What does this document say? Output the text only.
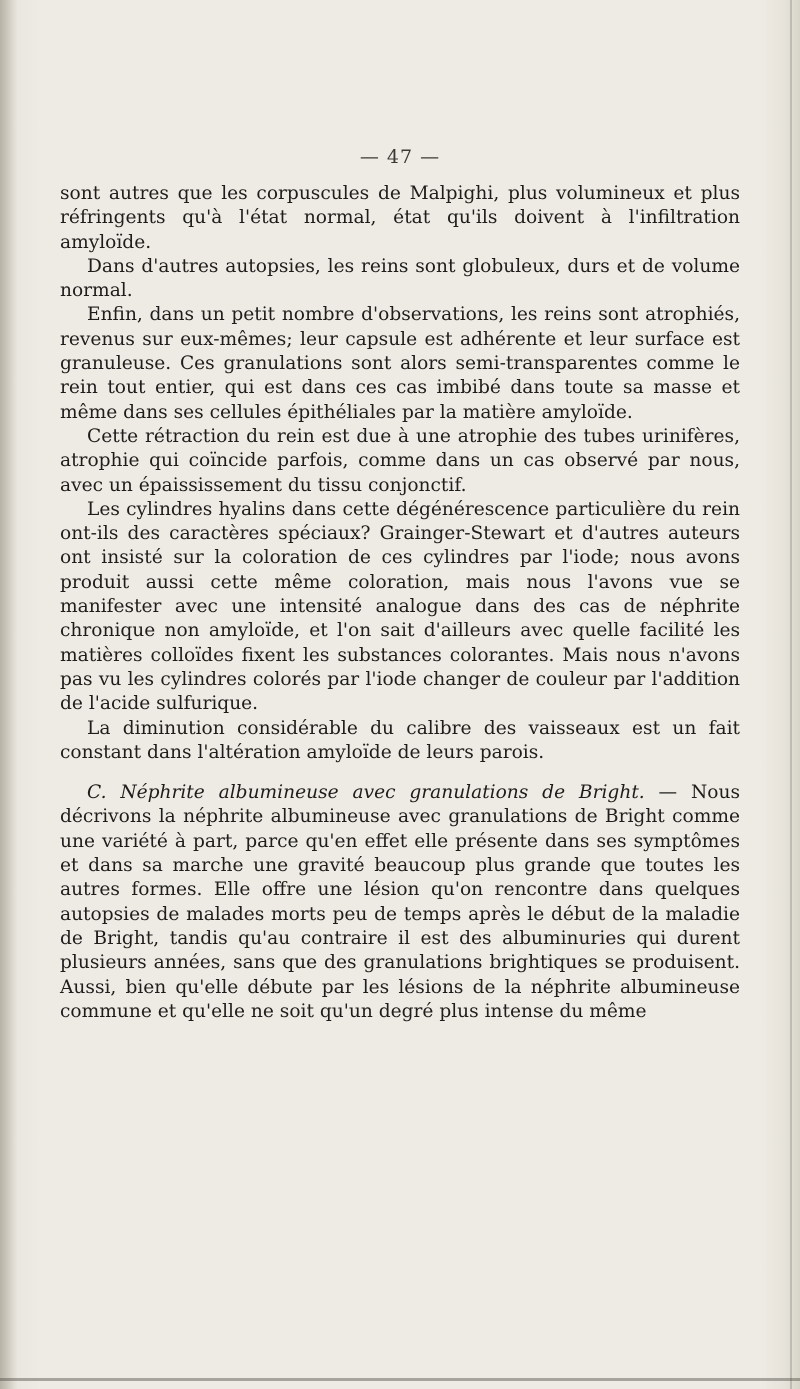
— 47 —

sont autres que les corpuscules de Malpighi, plus volumineux et plus réfringents qu'à l'état normal, état qu'ils doivent à l'infiltration amyloïde.

Dans d'autres autopsies, les reins sont globuleux, durs et de volume normal.

Enfin, dans un petit nombre d'observations, les reins sont atrophiés, revenus sur eux-mêmes; leur capsule est adhérente et leur surface est granuleuse. Ces granulations sont alors semi-transparentes comme le rein tout entier, qui est dans ces cas imbibé dans toute sa masse et même dans ses cellules épithéliales par la matière amyloïde.

Cette rétraction du rein est due à une atrophie des tubes urinifères, atrophie qui coïncide parfois, comme dans un cas observé par nous, avec un épaississement du tissu conjonctif.

Les cylindres hyalins dans cette dégénérescence particulière du rein ont-ils des caractères spéciaux? Grainger-Stewart et d'autres auteurs ont insisté sur la coloration de ces cylindres par l'iode; nous avons produit aussi cette même coloration, mais nous l'avons vue se manifester avec une intensité analogue dans des cas de néphrite chronique non amyloïde, et l'on sait d'ailleurs avec quelle facilité les matières colloïdes fixent les substances colorantes. Mais nous n'avons pas vu les cylindres colorés par l'iode changer de couleur par l'addition de l'acide sulfurique.

La diminution considérable du calibre des vaisseaux est un fait constant dans l'altération amyloïde de leurs parois.

C. Néphrite albumineuse avec granulations de Bright. — Nous décrivons la néphrite albumineuse avec granulations de Bright comme une variété à part, parce qu'en effet elle présente dans ses symptômes et dans sa marche une gravité beaucoup plus grande que toutes les autres formes. Elle offre une lésion qu'on rencontre dans quelques autopsies de malades morts peu de temps après le début de la maladie de Bright, tandis qu'au contraire il est des albuminuries qui durent plusieurs années, sans que des granulations brightiques se produisent. Aussi, bien qu'elle débute par les lésions de la néphrite albumineuse commune et qu'elle ne soit qu'un degré plus intense du même
